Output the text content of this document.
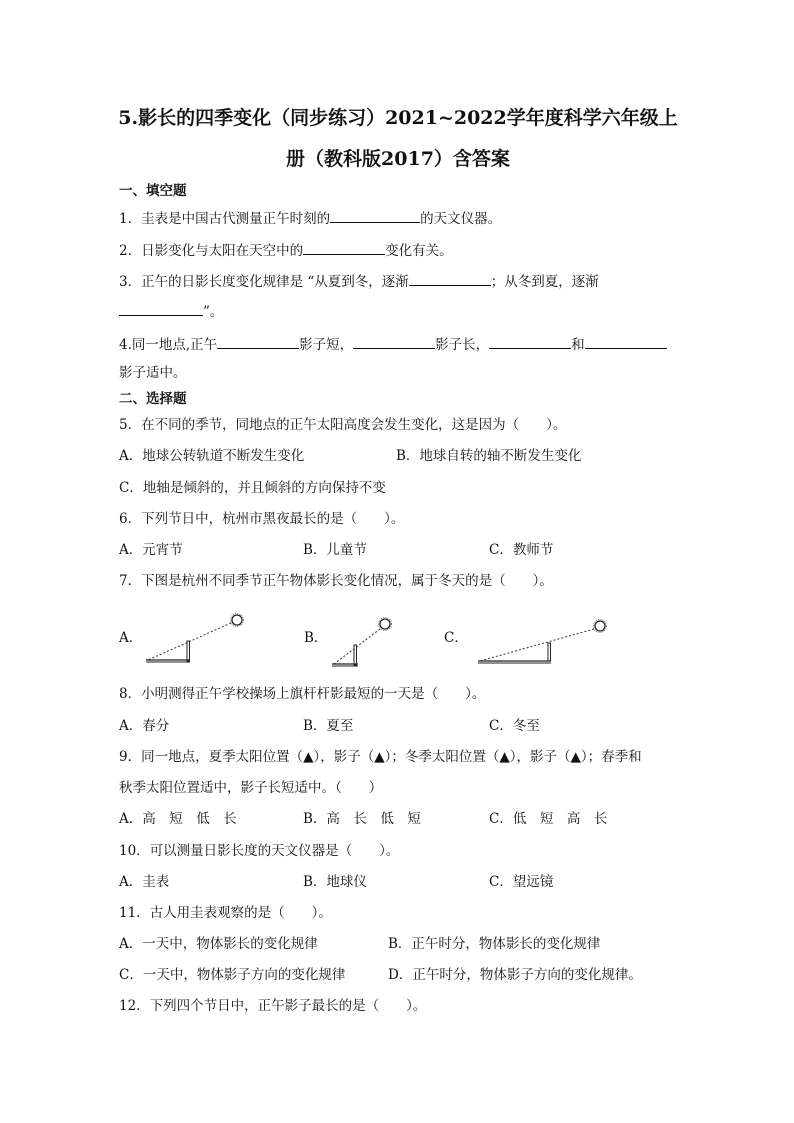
5.影长的四季变化（同步练习）2021~2022学年度科学六年级上
册（教科版2017）含答案
一、填空题
1．圭表是中国古代测量正午时刻的	的天文仪器。
2．日影变化与太阳在天空中的	变化有关。
3．正午的日影长度变化规律是 “从夏到冬，逐渐	；从冬到夏，逐渐
”。
4.同一地点,正午	影子短，	影子长，	和
影子适中。
二、选择题
5．在不同的季节，同地点的正午太阳高度会发生变化，这是因为（　　）。
A．地球公转轨道不断发生变化	B．地球自转的轴不断发生变化
C．地轴是倾斜的，并且倾斜的方向保持不变
6．下列节日中，杭州市黑夜最长的是（　　）。
A．元宵节	B．儿童节	C．教师节
7．下图是杭州不同季节正午物体影长变化情况，属于冬天的是（　　）。
A．	B．	C．
8．小明测得正午学校操场上旗杆杆影最短的一天是（　　）。
A．春分	B．夏至	C．冬至
9．同一地点，夏季太阳位置（▲），影子（▲）；冬季太阳位置（▲），影子（▲）；春季和
秋季太阳位置适中，影子长短适中。（　　）
A．高　短　低　长	B．高　长　低　短	C．低　短　高　长
10．可以测量日影长度的天文仪器是（　　）。
A．圭表	B．地球仪	C．望远镜
11．古人用圭表观察的是（　　）。
A．一天中，物体影长的变化规律	B．正午时分，物体影长的变化规律
C．一天中，物体影子方向的变化规律	D．正午时分，物体影子方向的变化规律。
12．下列四个节日中，正午影子最长的是（　　）。
